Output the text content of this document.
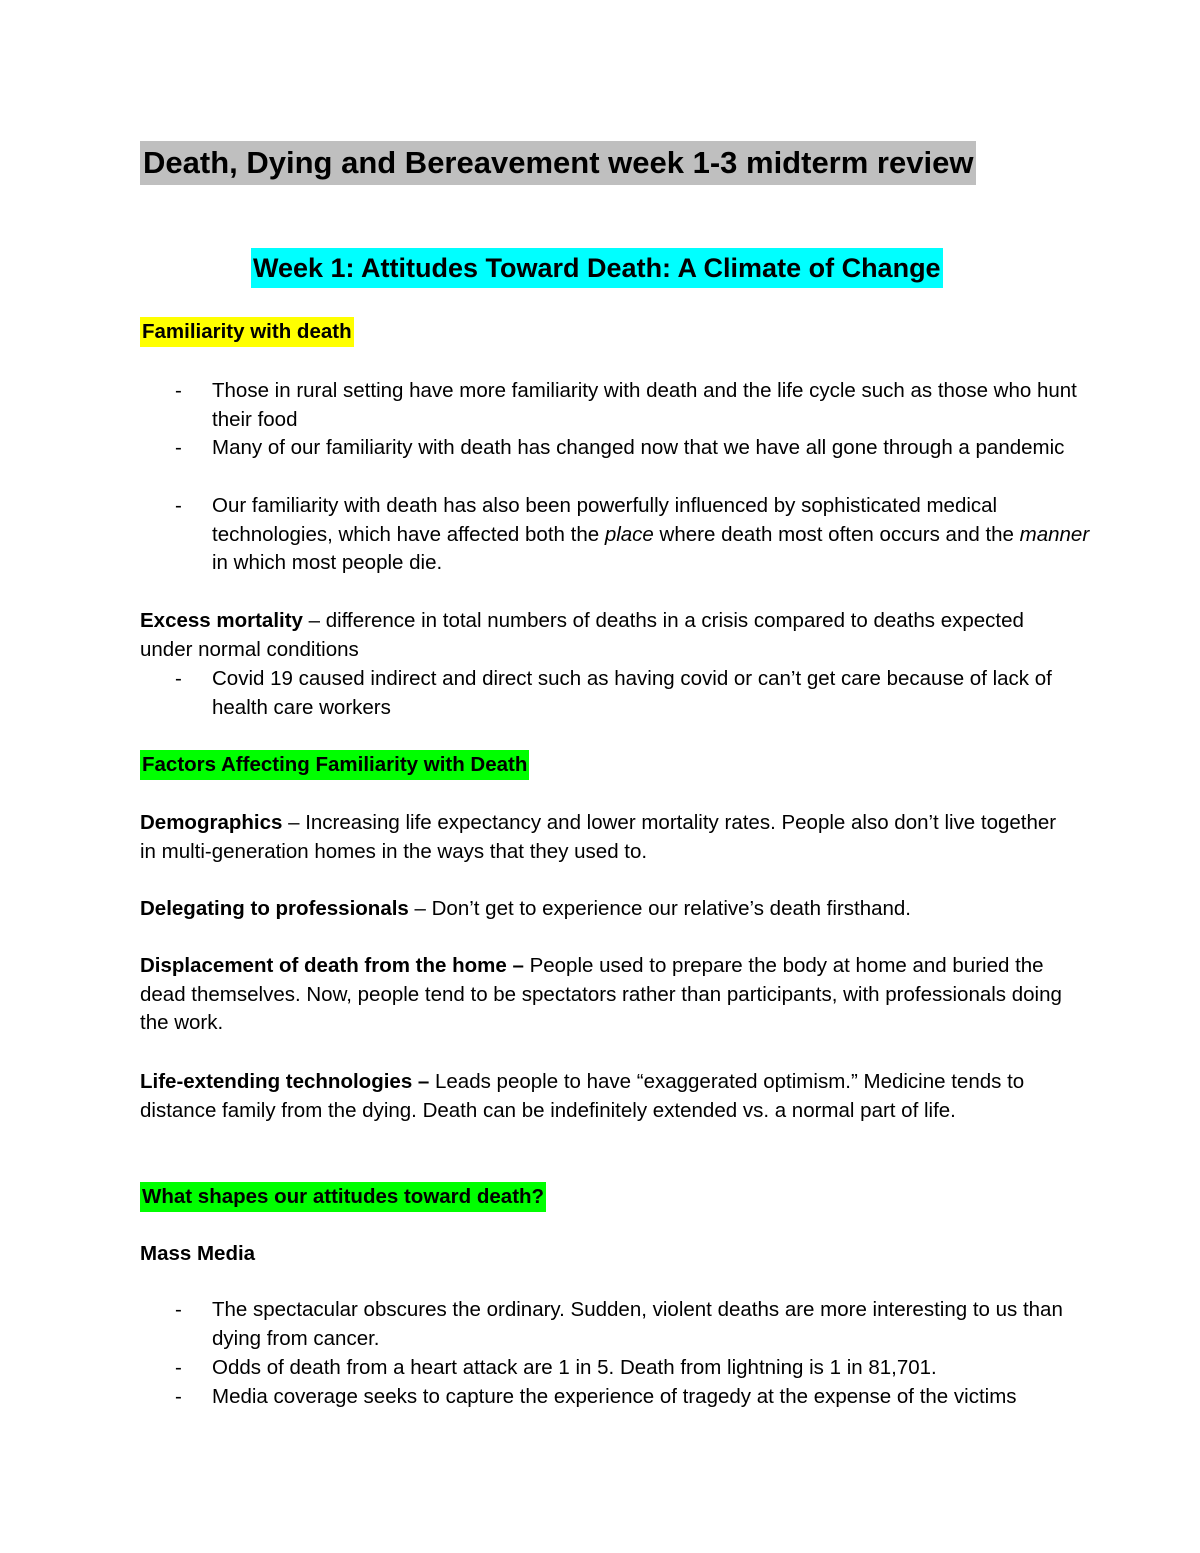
Death, Dying and Bereavement week 1-3 midterm review
Week 1: Attitudes Toward Death: A Climate of Change
Familiarity with death
- Those in rural setting have more familiarity with death and the life cycle such as those who hunt their food
- Many of our familiarity with death has changed now that we have all gone through a pandemic
- Our familiarity with death has also been powerfully influenced by sophisticated medical technologies, which have affected both the place where death most often occurs and the manner in which most people die.
Excess mortality – difference in total numbers of deaths in a crisis compared to deaths expected under normal conditions
- Covid 19 caused indirect and direct such as having covid or can’t get care because of lack of health care workers
Factors Affecting Familiarity with Death
Demographics – Increasing life expectancy and lower mortality rates. People also don’t live together in multi-generation homes in the ways that they used to.
Delegating to professionals – Don’t get to experience our relative’s death firsthand.
Displacement of death from the home – People used to prepare the body at home and buried the dead themselves. Now, people tend to be spectators rather than participants, with professionals doing the work.
Life-extending technologies – Leads people to have “exaggerated optimism.” Medicine tends to distance family from the dying. Death can be indefinitely extended vs. a normal part of life.
What shapes our attitudes toward death?
Mass Media
- The spectacular obscures the ordinary. Sudden, violent deaths are more interesting to us than dying from cancer.
- Odds of death from a heart attack are 1 in 5. Death from lightning is 1 in 81,701.
- Media coverage seeks to capture the experience of tragedy at the expense of the victims
